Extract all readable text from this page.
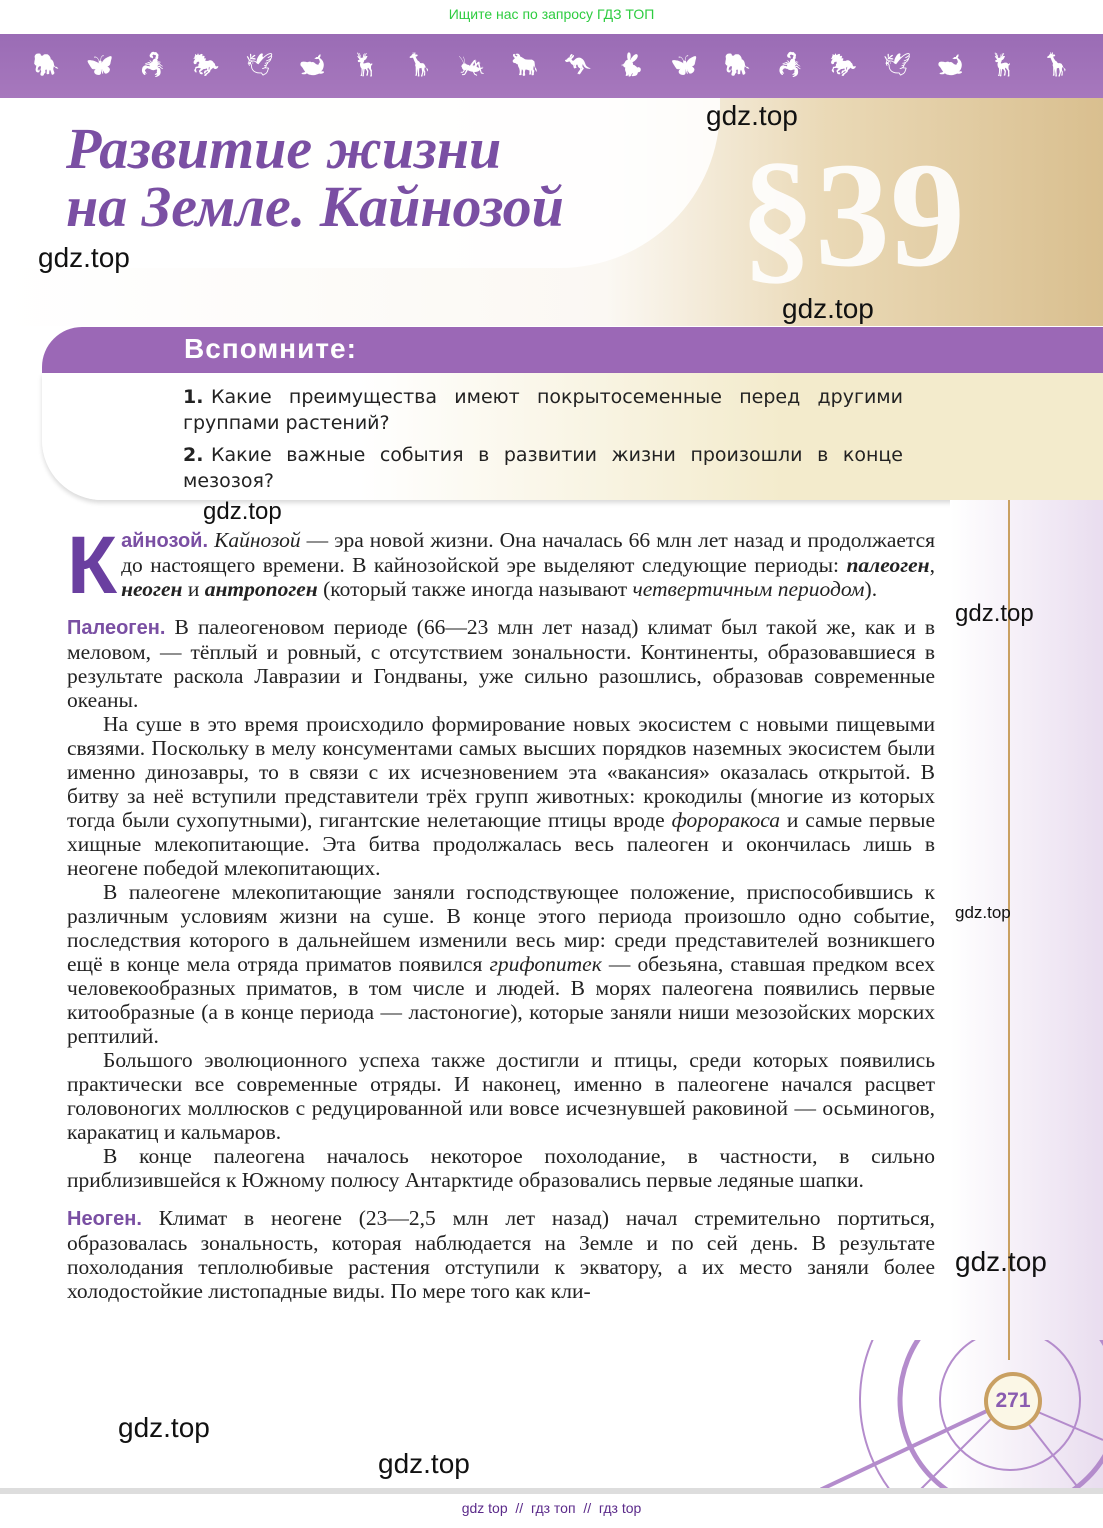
Ищите нас по запросу ГДЗ ТОП
🐘 🦋 🦂 🐎 🕊 🐋 🦌 🦒 🦗 🐂 🦘 🐇 🦋 🐘 🦂 🐎 🕊 🐋 🦌 🦒
§39
Развитие жизни
на Земле. Кайнозой
Вспомните:
1. Какие преимущества имеют покрытосеменные перед другими группами растений?
2. Какие важные события в развитии жизни произошли в конце мезозоя?
К айнозой. Кайнозой — эра новой жизни. Она началась 66 млн лет назад и продолжается до настоящего времени. В кайнозойской эре выделяют следующие периоды: палеоген, неоген и антропоген (который также иногда называют четвертичным периодом).

Палеоген. В палеогеновом периоде (66—23 млн лет назад) климат был такой же, как и в меловом, — тёплый и ровный, с отсутствием зональности. Континенты, образовавшиеся в результате раскола Лавразии и Гондваны, уже сильно разошлись, образовав современные океаны.

На суше в это время происходило формирование новых экосистем с новыми пищевыми связями. Поскольку в мелу консументами самых высших порядков наземных экосистем были именно динозавры, то в связи с их исчезновением эта «вакансия» оказалась открытой. В битву за неё вступили представители трёх групп животных: крокодилы (многие из которых тогда были сухопутными), гигантские нелетающие птицы вроде фороракоса и самые первые хищные млекопитающие. Эта битва продолжалась весь палеоген и окончилась лишь в неогене победой млекопитающих.

В палеогене млекопитающие заняли господствующее положение, приспособившись к различным условиям жизни на суше. В конце этого периода произошло одно событие, последствия которого в дальнейшем изменили весь мир: среди представителей возникшего ещё в конце мела отряда приматов появился грифопитек — обезьяна, ставшая предком всех человекообразных приматов, в том числе и людей. В морях палеогена появились первые китообразные (а в конце периода — ластоногие), которые заняли ниши мезозойских морских рептилий.

Большого эволюционного успеха также достигли и птицы, среди которых появились практически все современные отряды. И наконец, именно в палеогене начался расцвет головоногих моллюсков с редуцированной или вовсе исчезнувшей раковиной — осьминогов, каракатиц и кальмаров.

В конце палеогена началось некоторое похолодание, в частности, в сильно приблизившейся к Южному полюсу Антарктиде образовались первые ледяные шапки.

Неоген. Климат в неогене (23—2,5 млн лет назад) начал стремительно портиться, образовалась зональность, которая наблюдается на Земле и по сей день. В результате похолодания теплолюбивые растения отступили к экватору, а их место заняли более холодостойкие листопадные виды. По мере того как кли-

271
gdz.top
gdz.top
gdz.top
gdz.top
gdz.top
gdz.top
gdz.top
gdz.top
gdz.top
gdz top  //  гдз топ  //  гдз top
